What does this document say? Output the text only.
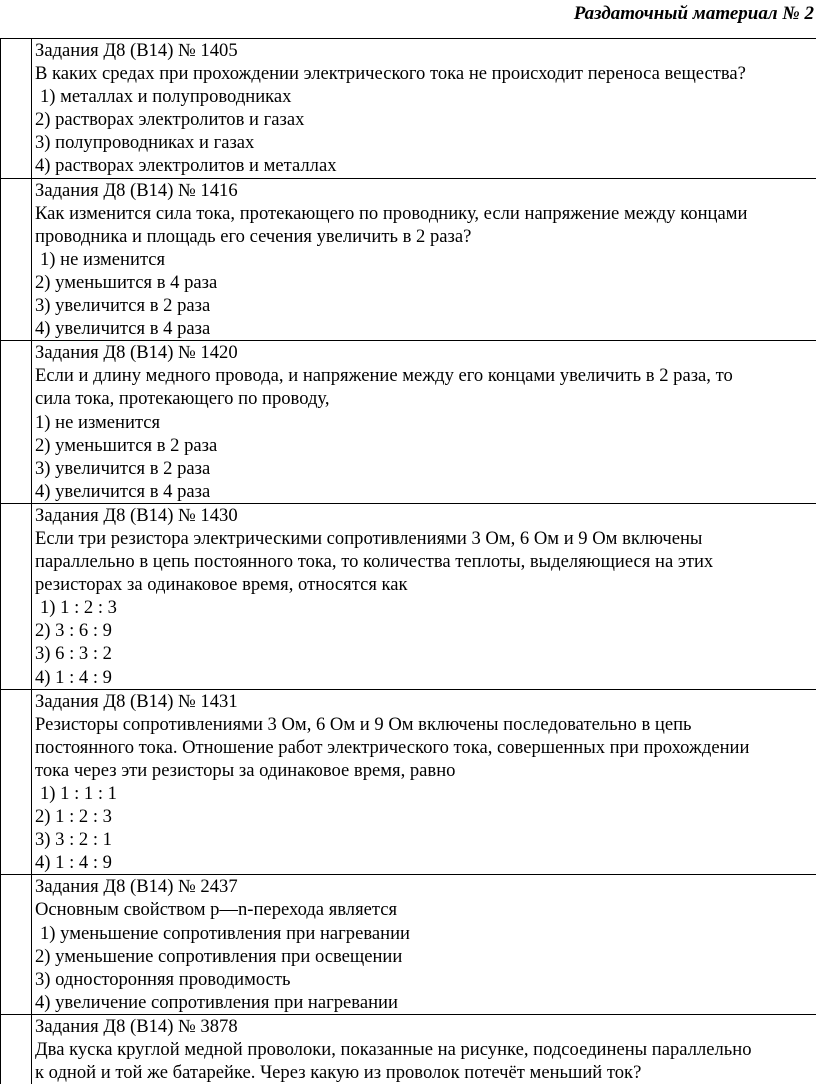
Раздаточный материал № 2
Задания Д8 (В14) № 1405
В каких средах при прохождении электрического тока не происходит переноса вещества?
1) металлах и полупроводниках
2) растворах электролитов и газах
3) полупроводниках и газах
4) растворах электролитов и металлах
Задания Д8 (В14) № 1416
Как изменится сила тока, протекающего по проводнику, если напряжение между концами
проводника и площадь его сечения увеличить в 2 раза?
1) не изменится
2) уменьшится в 4 раза
3) увеличится в 2 раза
4) увеличится в 4 раза
Задания Д8 (В14) № 1420
Если и длину медного провода, и напряжение между его концами увеличить в 2 раза, то
сила тока, протекающего по проводу,
1) не изменится
2) уменьшится в 2 раза
3) увеличится в 2 раза
4) увеличится в 4 раза
Задания Д8 (В14) № 1430
Если три резистора электрическими сопротивлениями 3 Ом, 6 Ом и 9 Ом включены
параллельно в цепь постоянного тока, то количества теплоты, выделяющиеся на этих
резисторах за одинаковое время, относятся как
1) 1 : 2 : 3
2) 3 : 6 : 9
3) 6 : 3 : 2
4) 1 : 4 : 9
Задания Д8 (В14) № 1431
Резисторы сопротивлениями 3 Ом, 6 Ом и 9 Ом включены последовательно в цепь
постоянного тока. Отношение работ электрического тока, совершенных при прохождении
тока через эти резисторы за одинаковое время, равно
1) 1 : 1 : 1
2) 1 : 2 : 3
3) 3 : 2 : 1
4) 1 : 4 : 9
Задания Д8 (В14) № 2437
Основным свойством р—n-перехода является
1) уменьшение сопротивления при нагревании
2) уменьшение сопротивления при освещении
3) односторонняя проводимость
4) увеличение сопротивления при нагревании
Задания Д8 (В14) № 3878
Два куска круглой медной проволоки, показанные на рисунке, подсоединены параллельно
к одной и той же батарейке. Через какую из проволок потечёт меньший ток?
